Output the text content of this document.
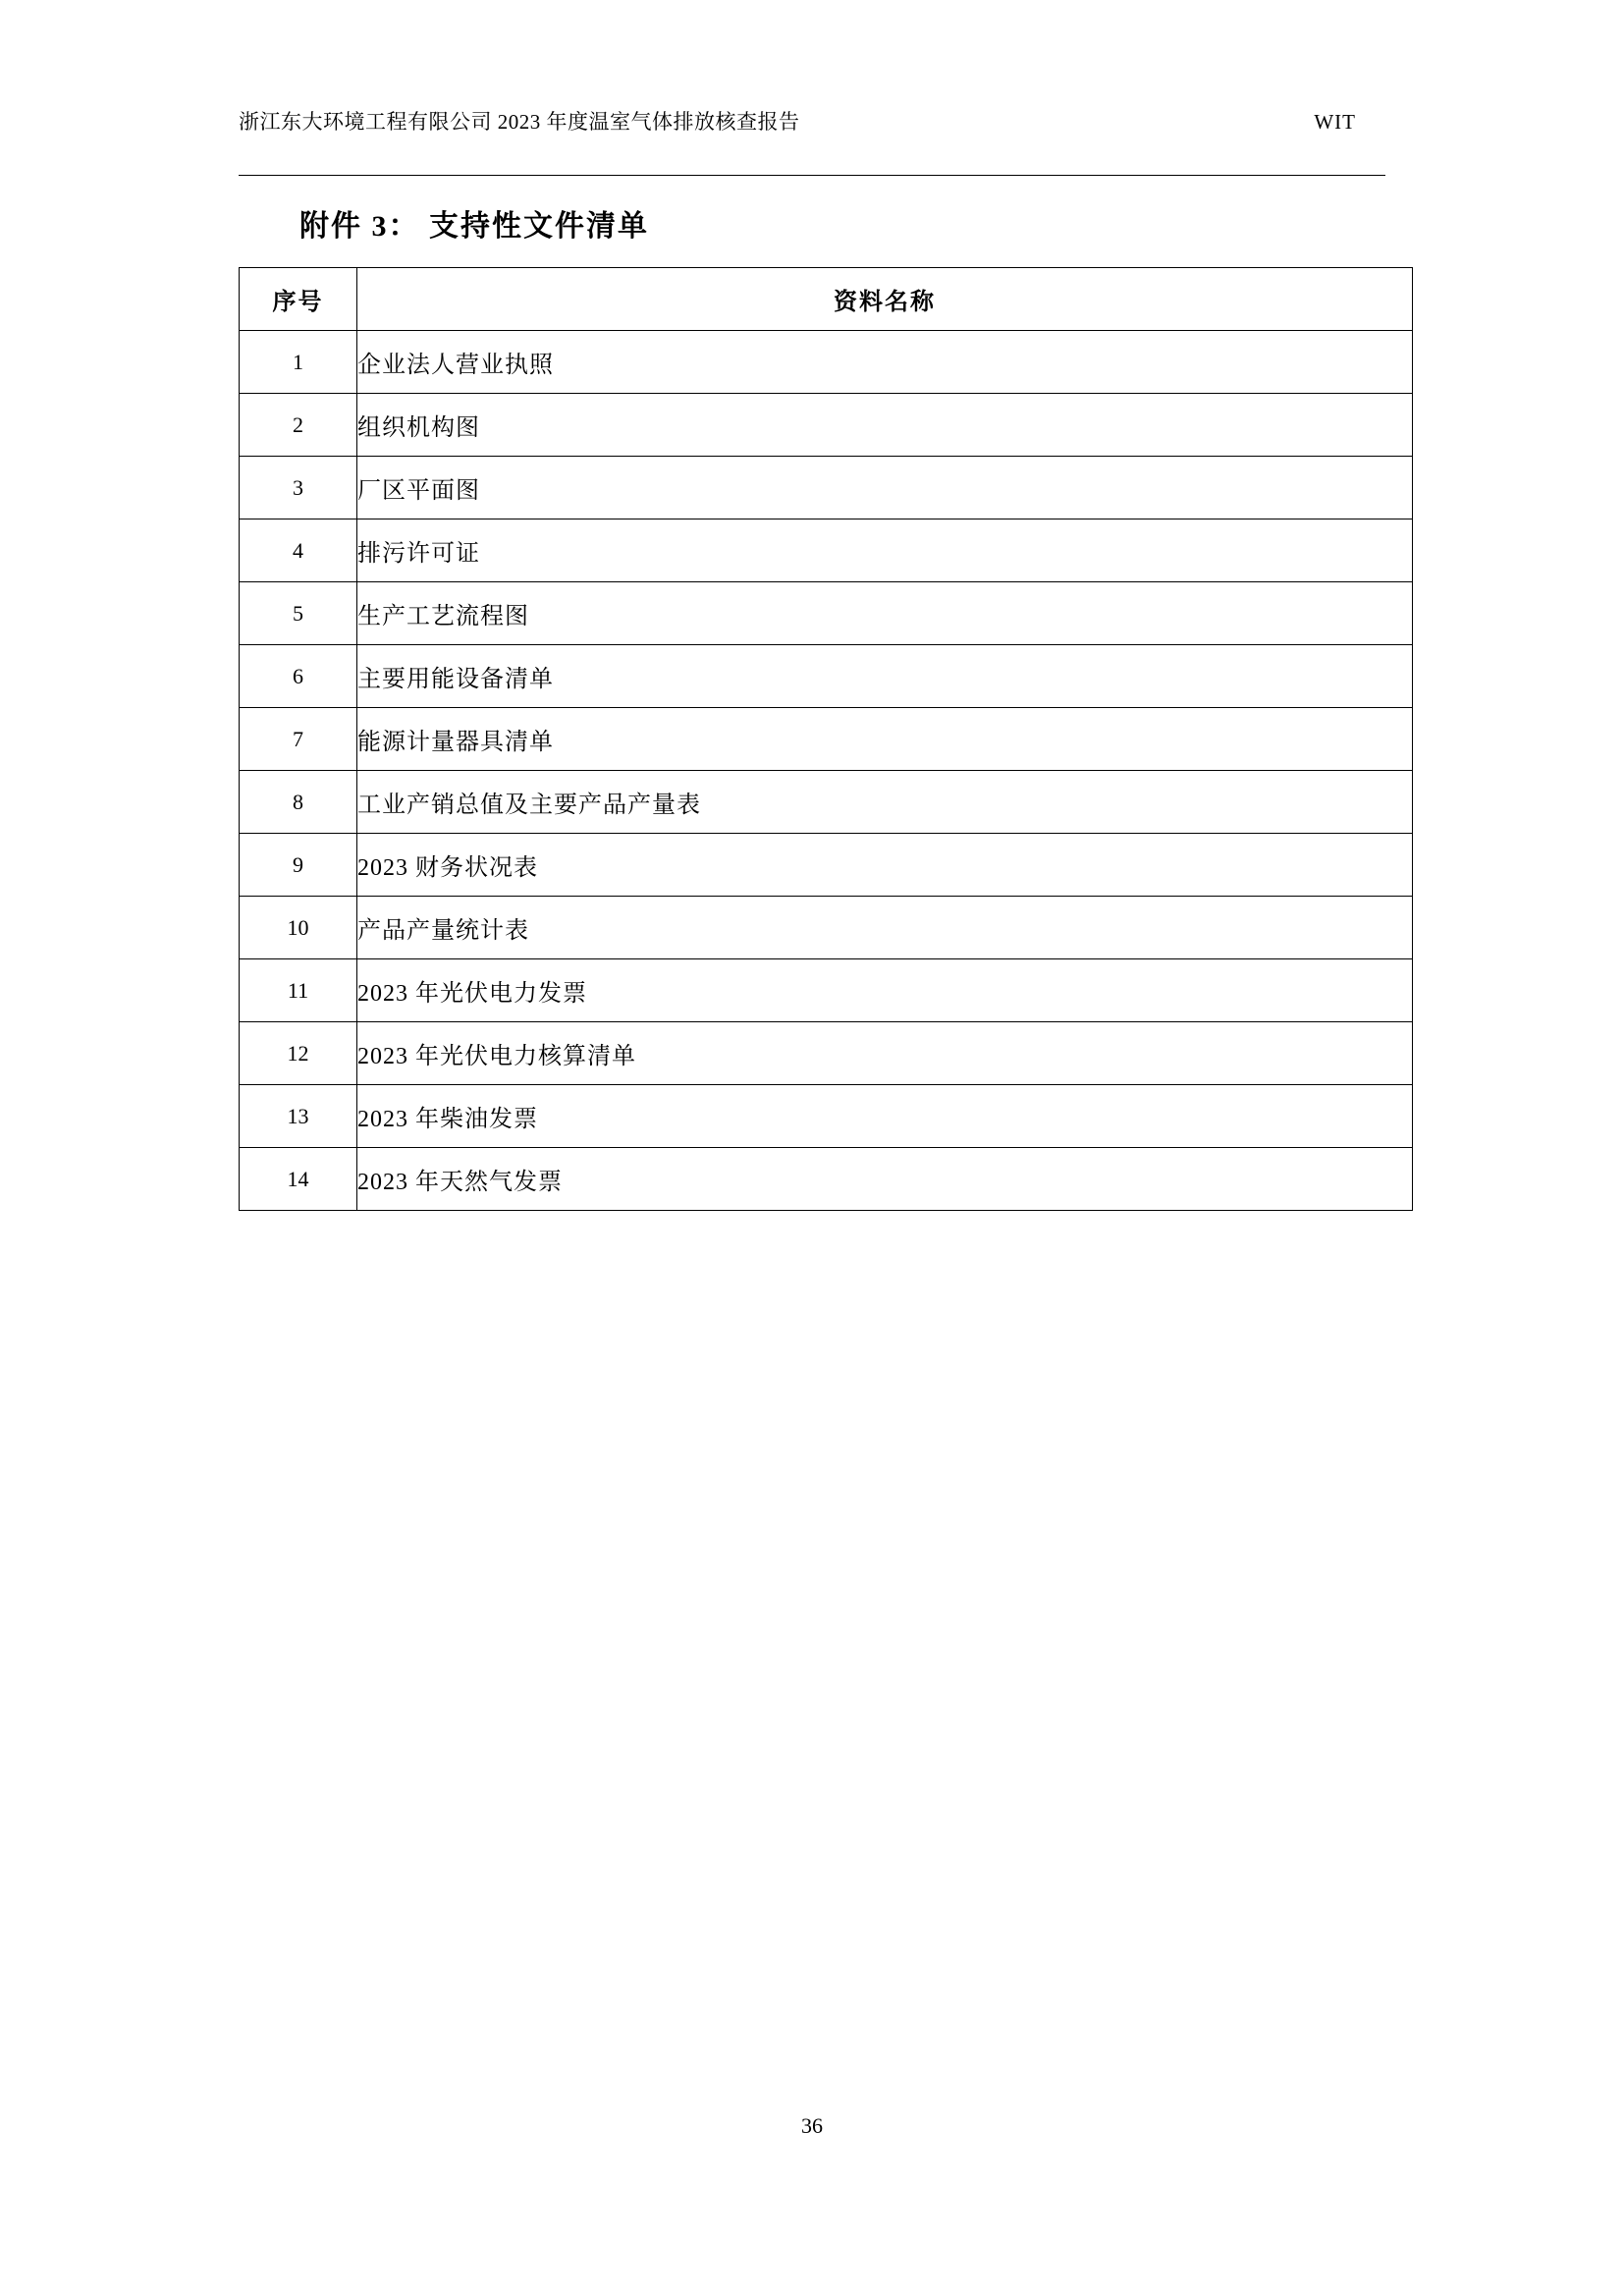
浙江东大环境工程有限公司 2023 年度温室气体排放核查报告	WIT
附件 3： 支持性文件清单
序号	资料名称
1	企业法人营业执照
2	组织机构图
3	厂区平面图
4	排污许可证
5	生产工艺流程图
6	主要用能设备清单
7	能源计量器具清单
8	工业产销总值及主要产品产量表
9	2023 财务状况表
10	产品产量统计表
11	2023 年光伏电力发票
12	2023 年光伏电力核算清单
13	2023 年柴油发票
14	2023 年天然气发票
36
